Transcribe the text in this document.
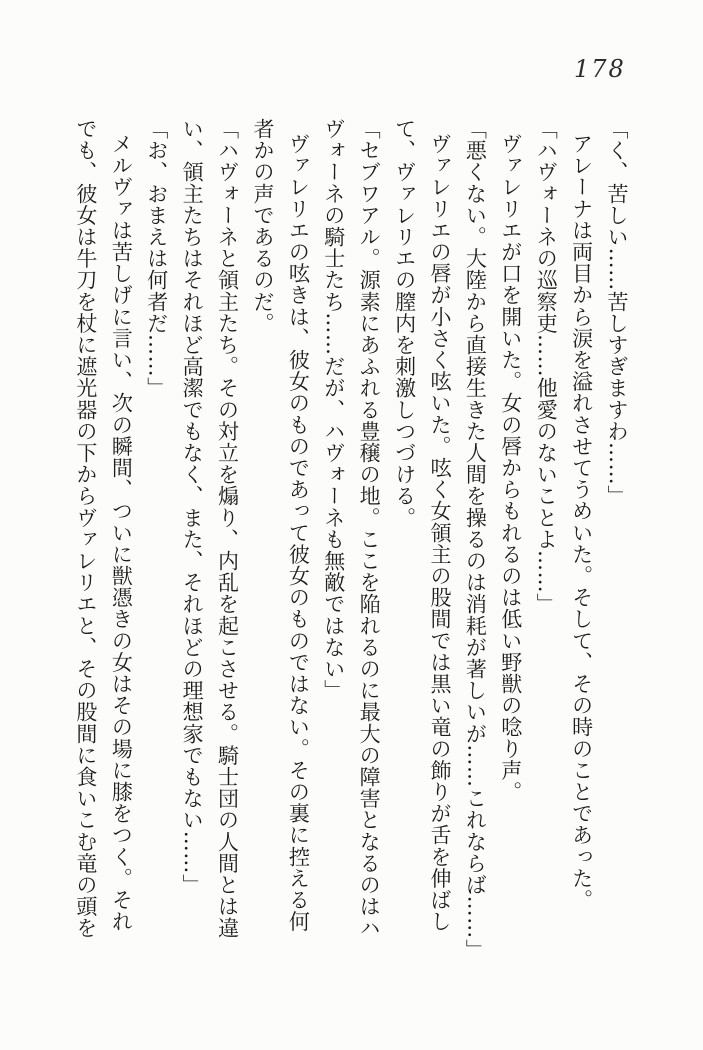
178

「く、苦しい……苦しすぎますわ……」

アレーナは両目から涙を溢れさせてうめいた。そして、その時のことであった。

「ハヴォーネの巡察吏……他愛のないことよ……」

ヴァレリエが口を開いた。女の唇からもれるのは低い野獣の唸り声。

「悪くない。大陸から直接生きた人間を操るのは消耗が著しいが……これならば……」

ヴァレリエの唇が小さく呟いた。呟く女領主の股間では黒い竜の飾りが舌を伸ばし

て、ヴァレリエの膣内を刺激しつづける。

「セブワアル。源素にあふれる豊穣の地。ここを陥れるのに最大の障害となるのはハ

ヴォーネの騎士たち……だが、ハヴォーネも無敵ではない」

ヴァレリエの呟きは、彼女のものであって彼女のものではない。その裏に控える何

者かの声であるのだ。

「ハヴォーネと領主たち。その対立を煽り、内乱を起こさせる。騎士団の人間とは違

い、領主たちはそれほど高潔でもなく、また、それほどの理想家でもない……」

「お、おまえは何者だ……」

メルヴァは苦しげに言い、次の瞬間、ついに獣憑きの女はその場に膝をつく。それ

でも、彼女は牛刀を杖に遮光器の下からヴァレリエと、その股間に食いこむ竜の頭を
